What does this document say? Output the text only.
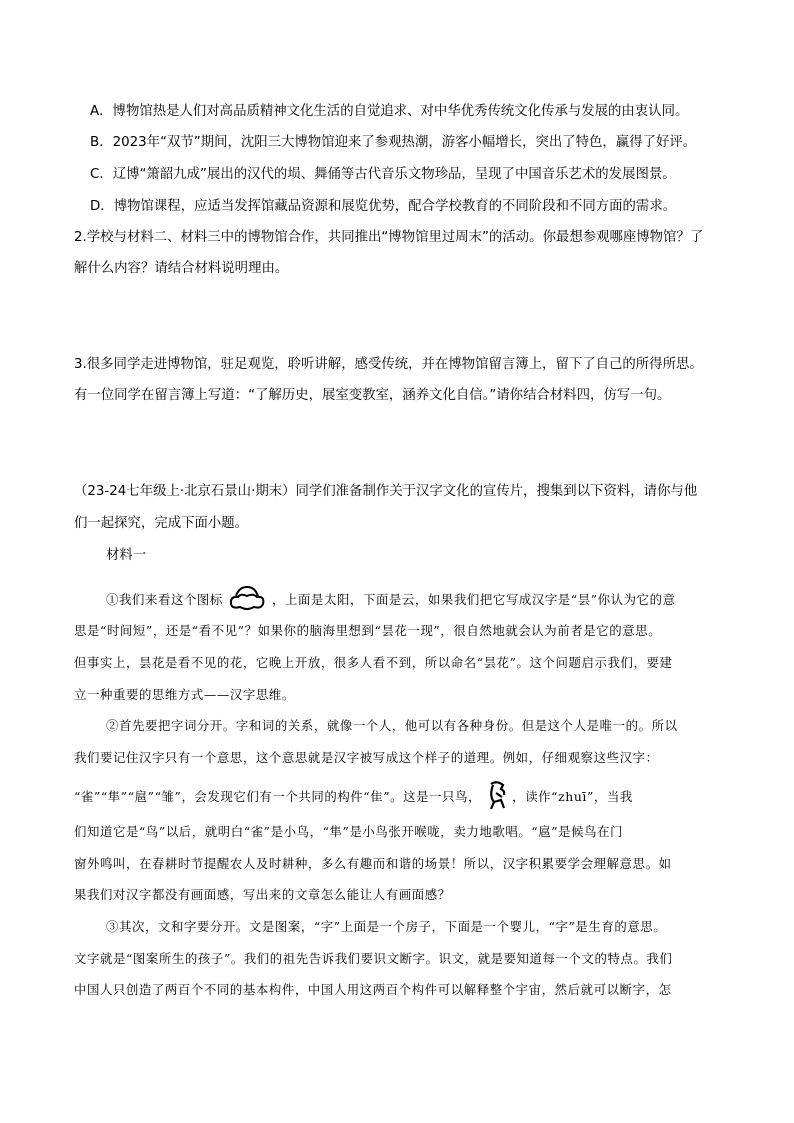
A．博物馆热是人们对高品质精神文化生活的自觉追求、对中华优秀传统文化传承与发展的由衷认同。
B．2023年“双节”期间，沈阳三大博物馆迎来了参观热潮，游客小幅增长，突出了特色，赢得了好评。
C．辽博“箫韶九成”展出的汉代的埙、舞俑等古代音乐文物珍品，呈现了中国音乐艺术的发展图景。
D．博物馆课程，应适当发挥馆藏品资源和展览优势，配合学校教育的不同阶段和不同方面的需求。
2.学校与材料二、材料三中的博物馆合作，共同推出“博物馆里过周末”的活动。你最想参观哪座博物馆？了
解什么内容？请结合材料说明理由。
3.很多同学走进博物馆，驻足观览，聆听讲解，感受传统，并在博物馆留言簿上，留下了自己的所得所思。
有一位同学在留言簿上写道：“了解历史，展室变教室，涵养文化自信。”请你结合材料四，仿写一句。
（23-24七年级上·北京石景山·期末）同学们准备制作关于汉字文化的宣传片，搜集到以下资料，请你与他
们一起探究，完成下面小题。
材料一
①我们来看这个图标	，上面是太阳，下面是云，如果我们把它写成汉字是“昙”你认为它的意
思是“时间短”，还是“看不见”？如果你的脑海里想到“昙花一现”，很自然地就会认为前者是它的意思。
但事实上，昙花是看不见的花，它晚上开放，很多人看不到，所以命名“昙花”。这个问题启示我们，要建
立一种重要的思维方式——汉字思维。
②首先要把字词分开。字和词的关系，就像一个人，他可以有各种身份。但是这个人是唯一的。所以
我们要记住汉字只有一个意思，这个意思就是汉字被写成这个样子的道理。例如，仔细观察这些汉字：
“雀”“隼”“扈”“雏”，会发现它们有一个共同的构件“隹”。这是一只鸟，	，读作“zhuī”，当我
们知道它是“鸟”以后，就明白“雀”是小鸟，“隼”是小鸟张开喉咙，卖力地歌唱。“扈”是候鸟在门
窗外鸣叫，在春耕时节提醒农人及时耕种，多么有趣而和谐的场景！所以，汉字积累要学会理解意思。如
果我们对汉字都没有画面感，写出来的文章怎么能让人有画面感？
③其次，文和字要分开。文是图案，“字”上面是一个房子，下面是一个婴儿，“字”是生育的意思。
文字就是“图案所生的孩子”。我们的祖先告诉我们要识文断字。识文，就是要知道每一个文的特点。我们
中国人只创造了两百个不同的基本构件，中国人用这两百个构件可以解释整个宇宙，然后就可以断字，怎
